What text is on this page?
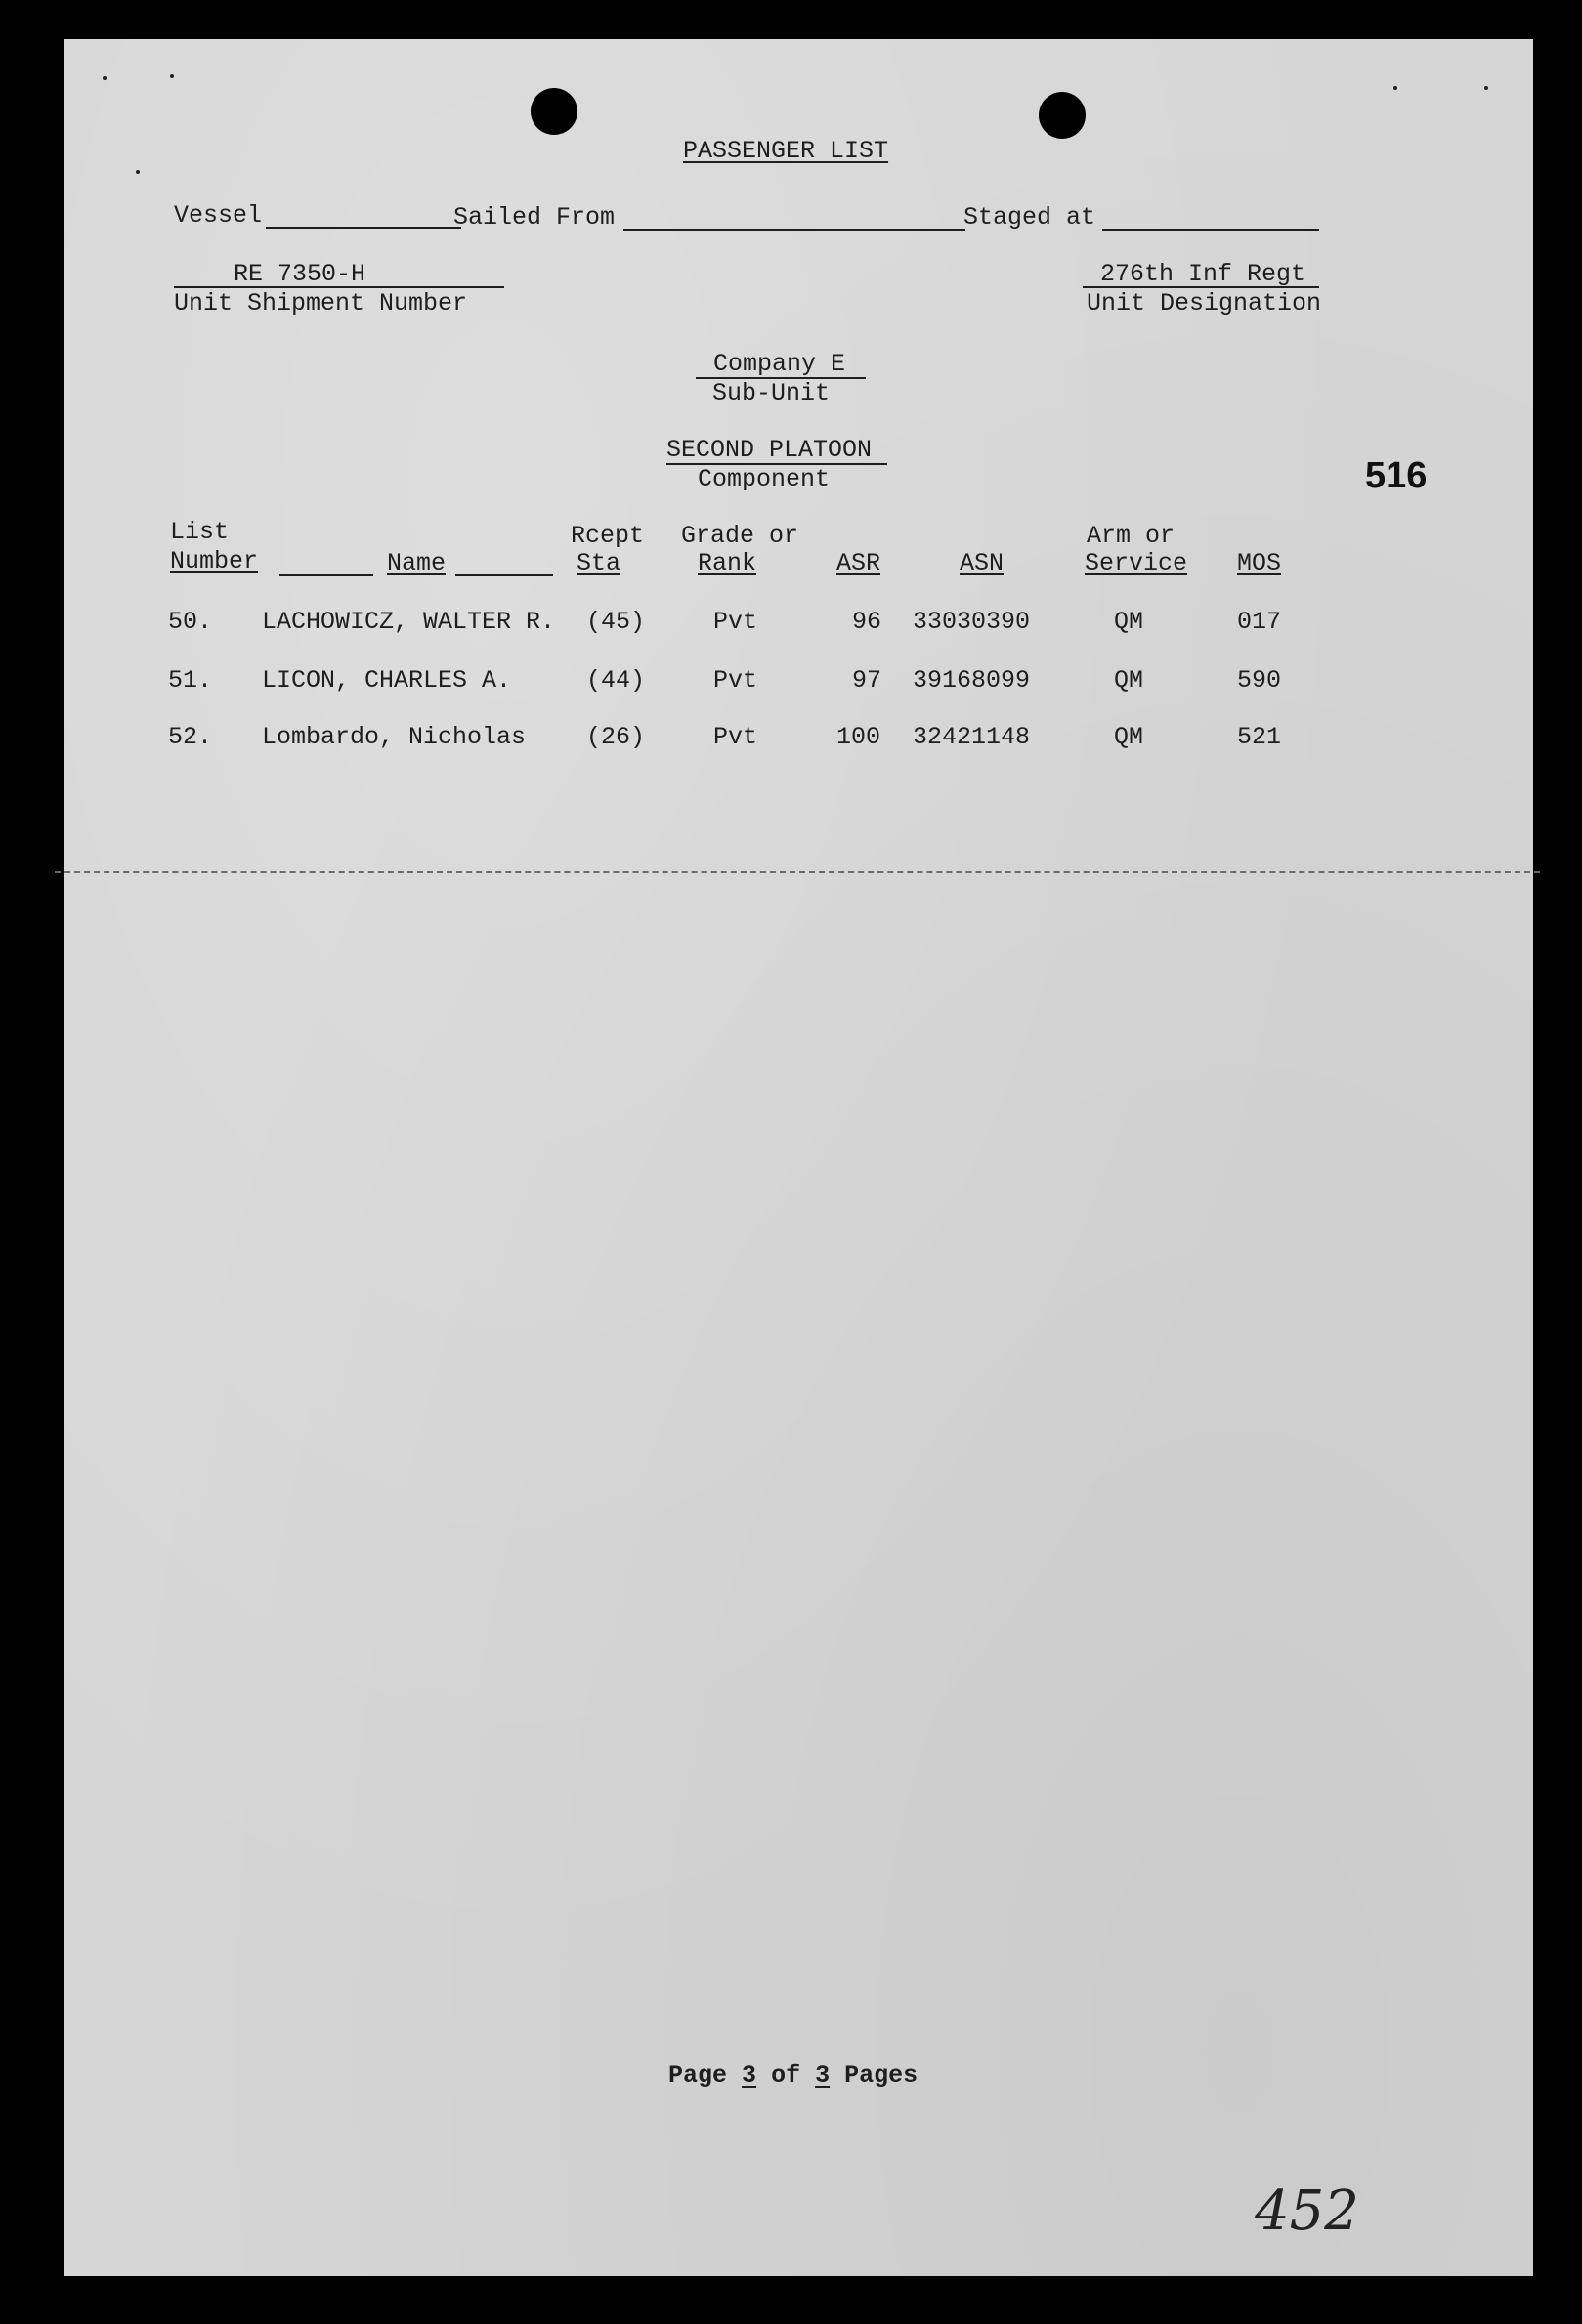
PASSENGER LIST
Vessel	Sailed From	Staged at
RE 7350-H
Unit Shipment Number
276th Inf Regt
Unit Designation
Company E
Sub-Unit
SECOND PLATOON
Component	516
List
Number	Name
Rcept
Sta
Grade or
Rank	ASR	ASN
Arm or
Service MOS
50. LACHOWICZ, WALTER R. (45)	Pvt	96 33030390	QM	017
51. LICON, CHARLES A.	(44)	Pvt	97 39168099	QM	590
52. Lombardo, Nicholas (26)	Pvt	100 32421148	QM	521
Page 3 of 3 Pages
452
